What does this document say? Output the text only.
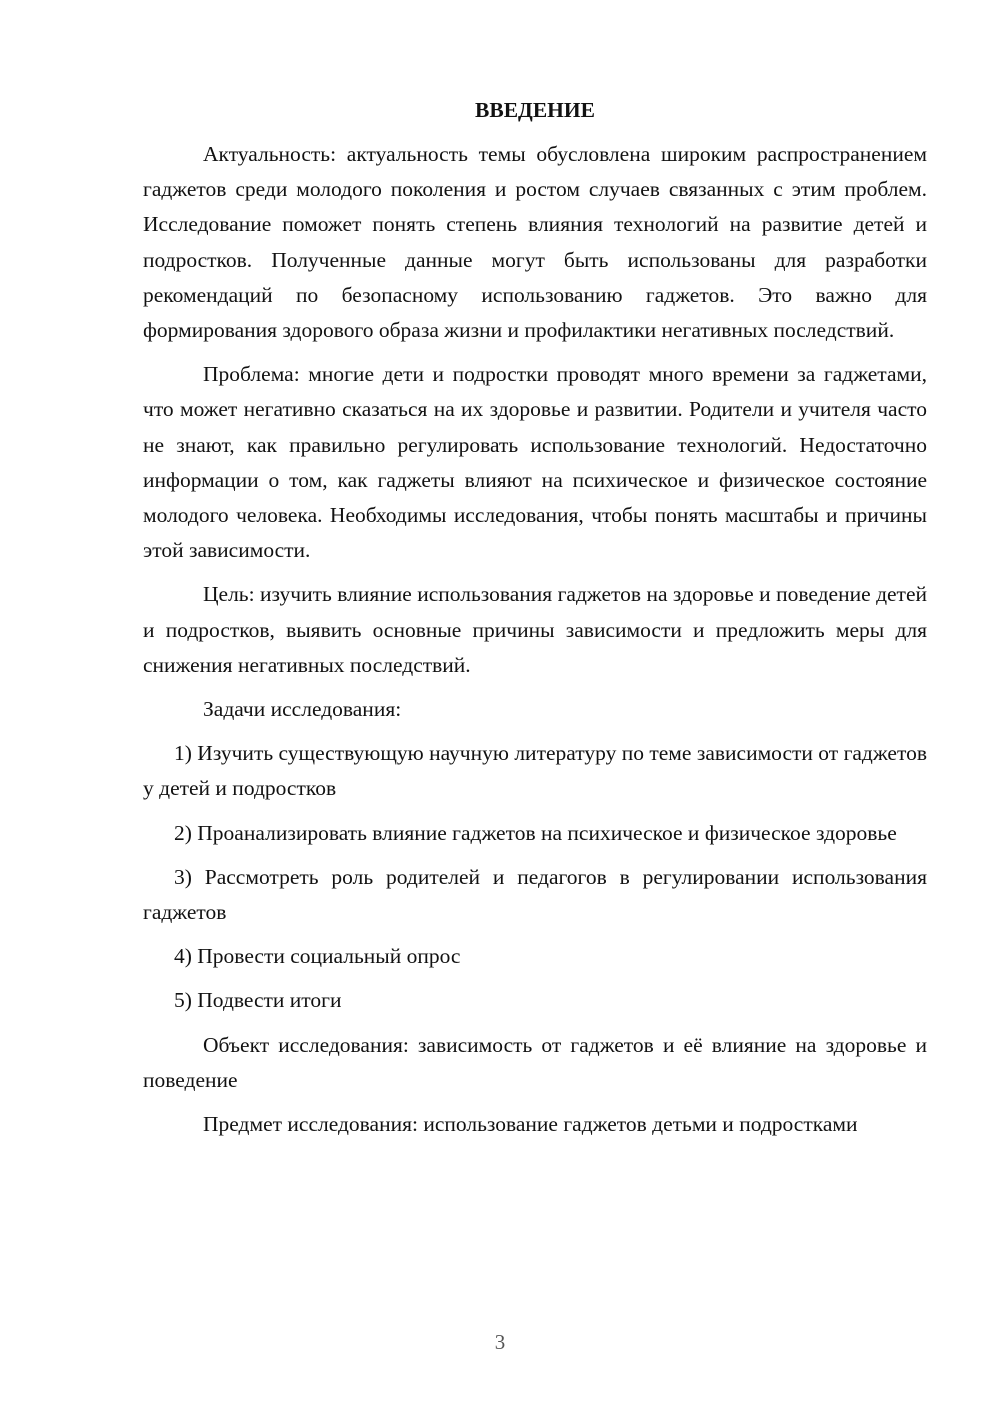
ВВЕДЕНИЕ

Актуальность: актуальность темы обусловлена широким распространением гаджетов среди молодого поколения и ростом случаев связанных с этим проблем. Исследование поможет понять степень влияния технологий на развитие детей и подростков. Полученные данные могут быть использованы для разработки рекомендаций по безопасному использованию гаджетов. Это важно для формирования здорового образа жизни и профилактики негативных последствий.

Проблема: многие дети и подростки проводят много времени за гаджетами, что может негативно сказаться на их здоровье и развитии. Родители и учителя часто не знают, как правильно регулировать использование технологий. Недостаточно информации о том, как гаджеты влияют на психическое и физическое состояние молодого человека. Необходимы исследования, чтобы понять масштабы и причины этой зависимости.

Цель: изучить влияние использования гаджетов на здоровье и поведение детей и подростков, выявить основные причины зависимости и предложить меры для снижения негативных последствий.

Задачи исследования:

1) Изучить существующую научную литературу по теме зависимости от гаджетов у детей и подростков

2) Проанализировать влияние гаджетов на психическое и физическое здоровье

3) Рассмотреть роль родителей и педагогов в регулировании использования гаджетов

4) Провести социальный опрос

5) Подвести итоги

Объект исследования: зависимость от гаджетов и её влияние на здоровье и поведение

Предмет исследования: использование гаджетов детьми и подростками

3
